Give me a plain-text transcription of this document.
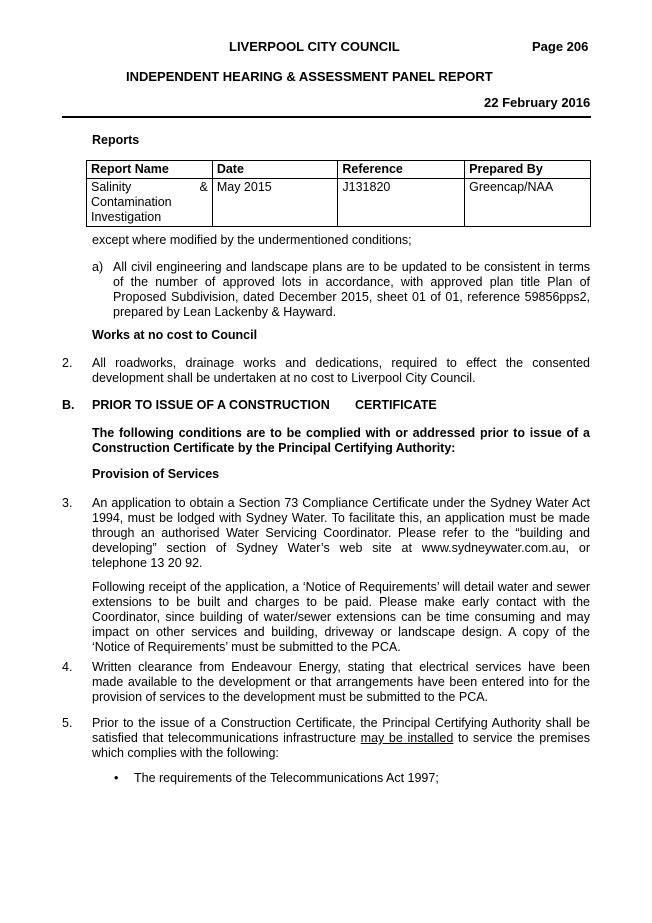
LIVERPOOL CITY COUNCIL	Page 206
INDEPENDENT HEARING & ASSESSMENT PANEL REPORT
22 February 2016
Reports
Report Name	Date	Reference	Prepared By

Salinity &
Contamination
Investigation	May 2015	J131820	Greencap/NAA
except where modified by the undermentioned conditions;
a) All civil engineering and landscape plans are to be updated to be consistent in terms of the number of approved lots in accordance, with approved plan title Plan of Proposed Subdivision, dated December 2015, sheet 01 of 01, reference 59856pps2, prepared by Lean Lackenby & Hayward.
Works at no cost to Council
2. All roadworks, drainage works and dedications, required to effect the consented development shall be undertaken at no cost to Liverpool City Council.
B. PRIOR TO ISSUE OF A CONSTRUCTION CERTIFICATE
The following conditions are to be complied with or addressed prior to issue of a Construction Certificate by the Principal Certifying Authority:
Provision of Services
3. An application to obtain a Section 73 Compliance Certificate under the Sydney Water Act 1994, must be lodged with Sydney Water. To facilitate this, an application must be made through an authorised Water Servicing Coordinator. Please refer to the “building and developing” section of Sydney Water’s web site at www.sydneywater.com.au, or telephone 13 20 92.
Following receipt of the application, a ‘Notice of Requirements’ will detail water and sewer extensions to be built and charges to be paid. Please make early contact with the Coordinator, since building of water/sewer extensions can be time consuming and may impact on other services and building, driveway or landscape design. A copy of the ‘Notice of Requirements’ must be submitted to the PCA.
4. Written clearance from Endeavour Energy, stating that electrical services have been made available to the development or that arrangements have been entered into for the provision of services to the development must be submitted to the PCA.
5. Prior to the issue of a Construction Certificate, the Principal Certifying Authority shall be satisfied that telecommunications infrastructure may be installed to service the premises which complies with the following:
• The requirements of the Telecommunications Act 1997;
